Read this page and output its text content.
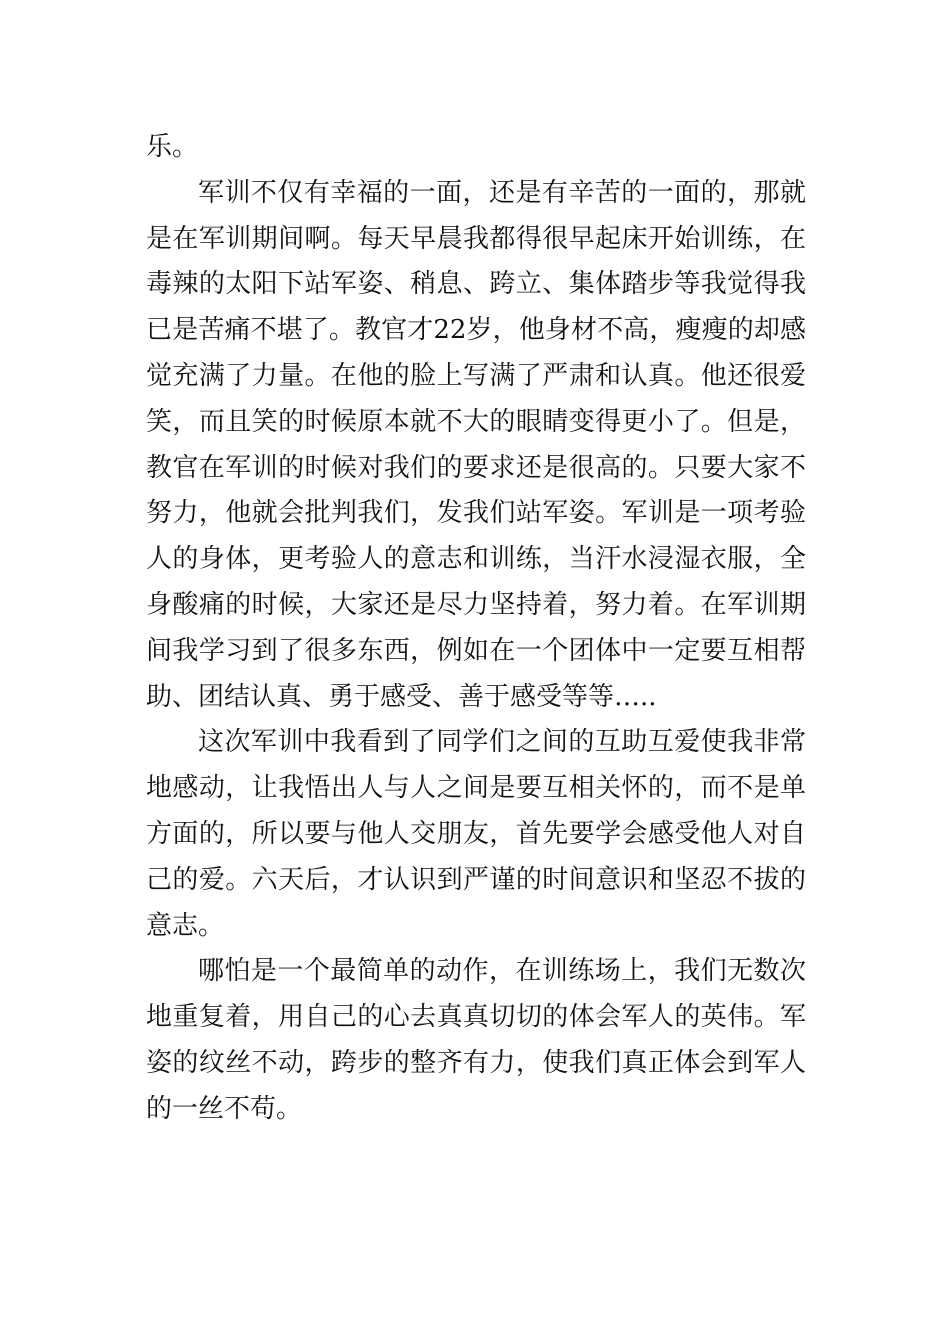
乐。

军训不仅有幸福的一面，还是有辛苦的一面的，那就是在军训期间啊。每天早晨我都得很早起床开始训练，在毒辣的太阳下站军姿、稍息、跨立、集体踏步等我觉得我已是苦痛不堪了。教官才22岁，他身材不高，瘦瘦的却感觉充满了力量。在他的脸上写满了严肃和认真。他还很爱笑，而且笑的时候原本就不大的眼睛变得更小了。但是，教官在军训的时候对我们的要求还是很高的。只要大家不努力，他就会批判我们，发我们站军姿。军训是一项考验人的身体，更考验人的意志和训练，当汗水浸湿衣服，全身酸痛的时候，大家还是尽力坚持着，努力着。在军训期间我学习到了很多东西，例如在一个团体中一定要互相帮助、团结认真、勇于感受、善于感受等等…..

这次军训中我看到了同学们之间的互助互爱使我非常地感动，让我悟出人与人之间是要互相关怀的，而不是单方面的，所以要与他人交朋友，首先要学会感受他人对自己的爱。六天后，才认识到严谨的时间意识和坚忍不拔的意志。

哪怕是一个最简单的动作，在训练场上，我们无数次地重复着，用自己的心去真真切切的体会军人的英伟。军姿的纹丝不动，跨步的整齐有力，使我们真正体会到军人的一丝不苟。
